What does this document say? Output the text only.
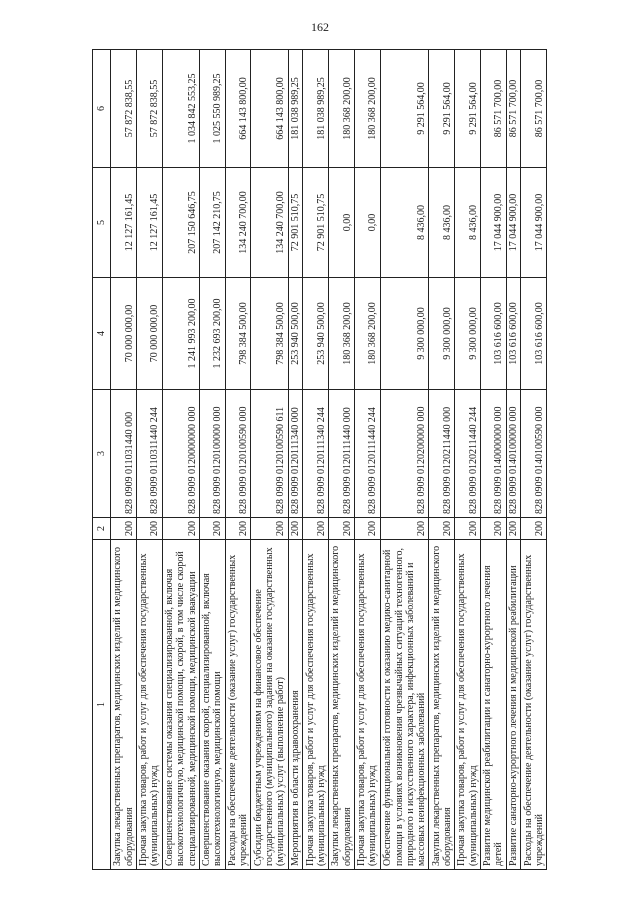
162
1	2	3	4	5	6
Закупка лекарственных препаратов, медицинских изделий и медицинского оборудования	200	828 0909 011031440 000	70 000 000,00	12 127 161,45	57 872 838,55
Прочая закупка товаров, работ и услуг для обеспечения государственных (муниципальных) нужд	200	828 0909 0110311440 244	70 000 000,00	12 127 161,45	57 872 838,55
Совершенствование системы оказания специализированной, включая высокотехнологичную, медицинской помощи, скорой, в том числе скорой специализированной, медицинской помощи, медицинской эвакуации	200	828 0909 0120000000 000	1 241 993 200,00	207 150 646,75	1 034 842 553,25
Совершенствование оказания скорой, специализированной, включая высокотехнологичную, медицинской помощи	200	828 0909 0120100000 000	1 232 693 200,00	207 142 210,75	1 025 550 989,25
Расходы на обеспечение деятельности (оказание услуг) государственных учреждений	200	828 0909 0120100590 000	798 384 500,00	134 240 700,00	664 143 800,00
Субсидии бюджетным учреждениям на финансовое обеспечение государственного (муниципального) задания на оказание государственных (муниципальных) услуг (выполнение работ)	200	828 0909 0120100590 611	798 384 500,00	134 240 700,00	664 143 800,00
Мероприятия в области здравоохранения	200	828 0909 0120111340 000	253 940 500,00	72 901 510,75	181 038 989,25
Прочая закупка товаров, работ и услуг для обеспечения государственных (муниципальных) нужд	200	828 0909 0120111340 244	253 940 500,00	72 901 510,75	181 038 989,25
Закупки лекарственных препаратов, медицинских изделий и медицинского оборудования	200	828 0909 0120111440 000	180 368 200,00	0,00	180 368 200,00
Прочая закупка товаров, работ и услуг для обеспечения государственных (муниципальных) нужд	200	828 0909 0120111440 244	180 368 200,00	0,00	180 368 200,00
Обеспечение функциональной готовности к оказанию медико-санитарной помощи в условиях возникновения чрезвычайных ситуаций техногенного, природного и искусственного характера, инфекционных заболеваний и массовых неинфекционных заболеваний	200	828 0909 0120200000 000	9 300 000,00	8 436,00	9 291 564,00
Закупки лекарственных препаратов, медицинских изделий и медицинского оборудования	200	828 0909 0120211440 000	9 300 000,00	8 436,00	9 291 564,00
Прочая закупка товаров, работ и услуг для обеспечения государственных (муниципальных) нужд	200	828 0909 0120211440 244	9 300 000,00	8 436,00	9 291 564,00
Развитие медицинской реабилитации и санаторно-курортного лечения детей	200	828 0909 0140000000 000	103 616 600,00	17 044 900,00	86 571 700,00
Развитие санаторно-курортного лечения и медицинской реабилитации	200	828 0909 0140100000 000	103 616 600,00	17 044 900,00	86 571 700,00
Расходы на обеспечение деятельности (оказание услуг) государственных учреждений	200	828 0909 0140100590 000	103 616 600,00	17 044 900,00	86 571 700,00
